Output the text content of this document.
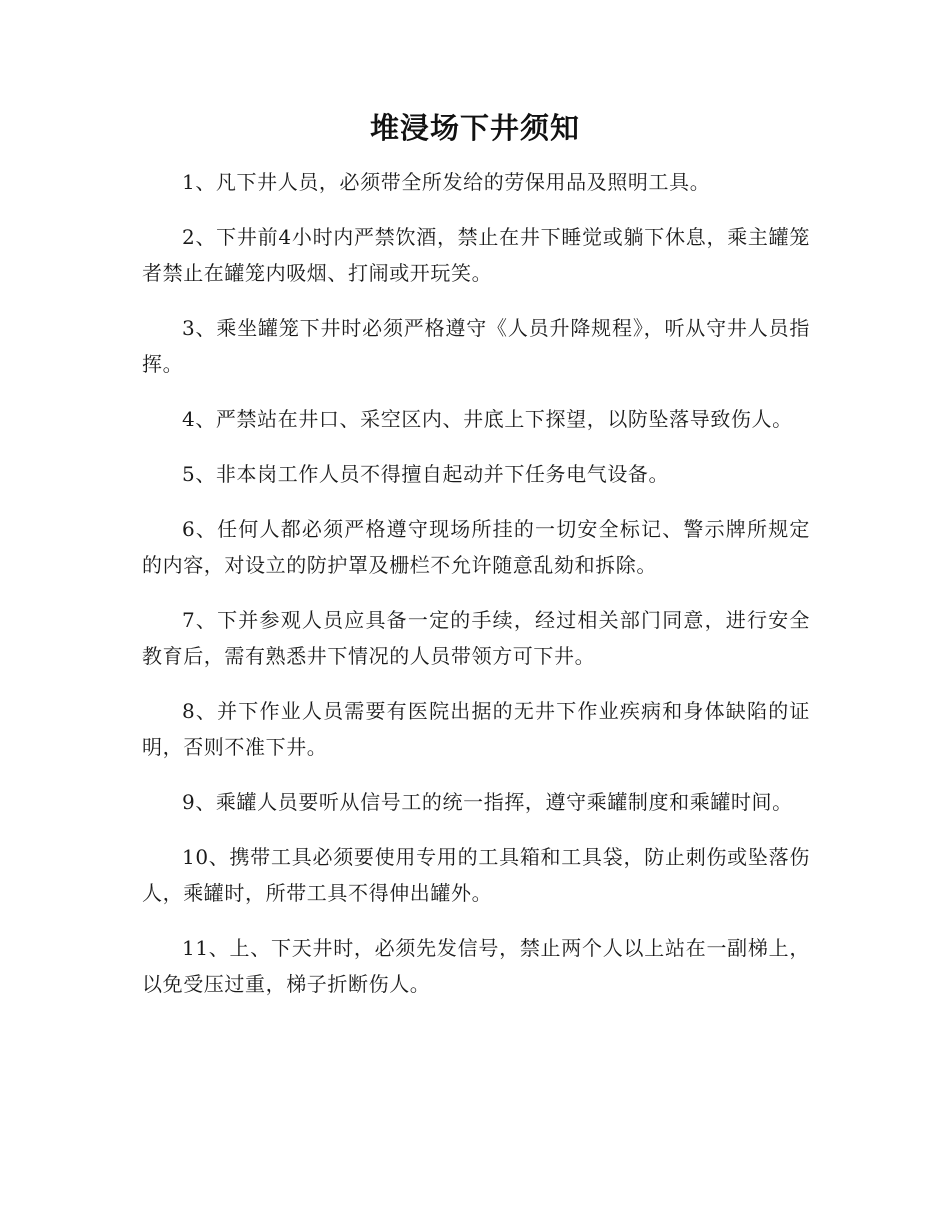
堆浸场下井须知

1、凡下井人员，必须带全所发给的劳保用品及照明工具。

2、下井前4小时内严禁饮酒，禁止在井下睡觉或躺下休息，乘主罐笼者禁止在罐笼内吸烟、打闹或开玩笑。

3、乘坐罐笼下井时必须严格遵守《人员升降规程》，听从守井人员指挥。

4、严禁站在井口、采空区内、井底上下探望，以防坠落导致伤人。

5、非本岗工作人员不得擅自起动并下任务电气设备。

6、任何人都必须严格遵守现场所挂的一切安全标记、警示牌所规定的内容，对设立的防护罩及栅栏不允许随意乱劾和拆除。

7、下并参观人员应具备一定的手续，经过相关部门同意，进行安全教育后，需有熟悉井下情况的人员带领方可下井。

8、并下作业人员需要有医院出据的无井下作业疾病和身体缺陷的证明，否则不准下井。

9、乘罐人员要听从信号工的统一指挥，遵守乘罐制度和乘罐时间。

10、携带工具必须要使用专用的工具箱和工具袋，防止刺伤或坠落伤人，乘罐时，所带工具不得伸出罐外。

11、上、下天井时，必须先发信号，禁止两个人以上站在一副梯上，以免受压过重，梯子折断伤人。
